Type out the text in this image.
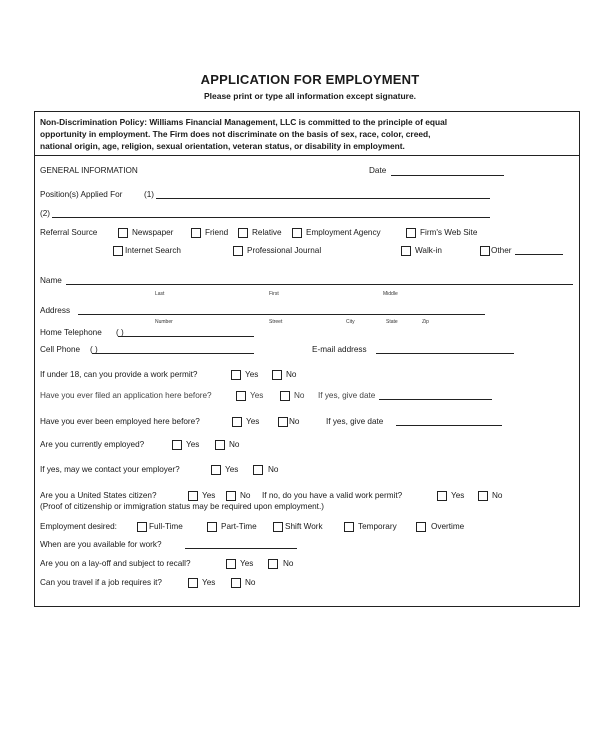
APPLICATION FOR EMPLOYMENT
Please print or type all information except signature.
Non-Discrimination Policy: Williams Financial Management, LLC is committed to the principle of equal
opportunity in employment. The Firm does not discriminate on the basis of sex, race, color, creed,
national origin, age, religion, sexual orientation, veteran status, or disability in employment.
GENERAL INFORMATION	Date
Position(s) Applied For	(1)
(2)
Referral Source	Newspaper	Friend	Relative	Employment Agency	Firm's Web Site
Internet Search	Professional Journal	Walk-in	Other
Name
Last	First	Middle
Address
Number	Street	City	State	Zip
Home Telephone ( )
Cell Phone ( )	E-mail address
If under 18, can you provide a work permit?	Yes	No
Have you ever filed an application here before?	Yes	No If yes, give date
Have you ever been employed here before?	Yes	No	If yes, give date
Are you currently employed?	Yes	No
If yes, may we contact your employer?	Yes	No
Are you a United States citizen?	Yes	No If no, do you have a valid work permit?	Yes	No
(Proof of citizenship or immigration status may be required upon employment.)
Employment desired:	Full-Time	Part-Time	Shift Work	Temporary	Overtime
When are you available for work?
Are you on a lay-off and subject to recall?	Yes	No
Can you travel if a job requires it?	Yes	No
